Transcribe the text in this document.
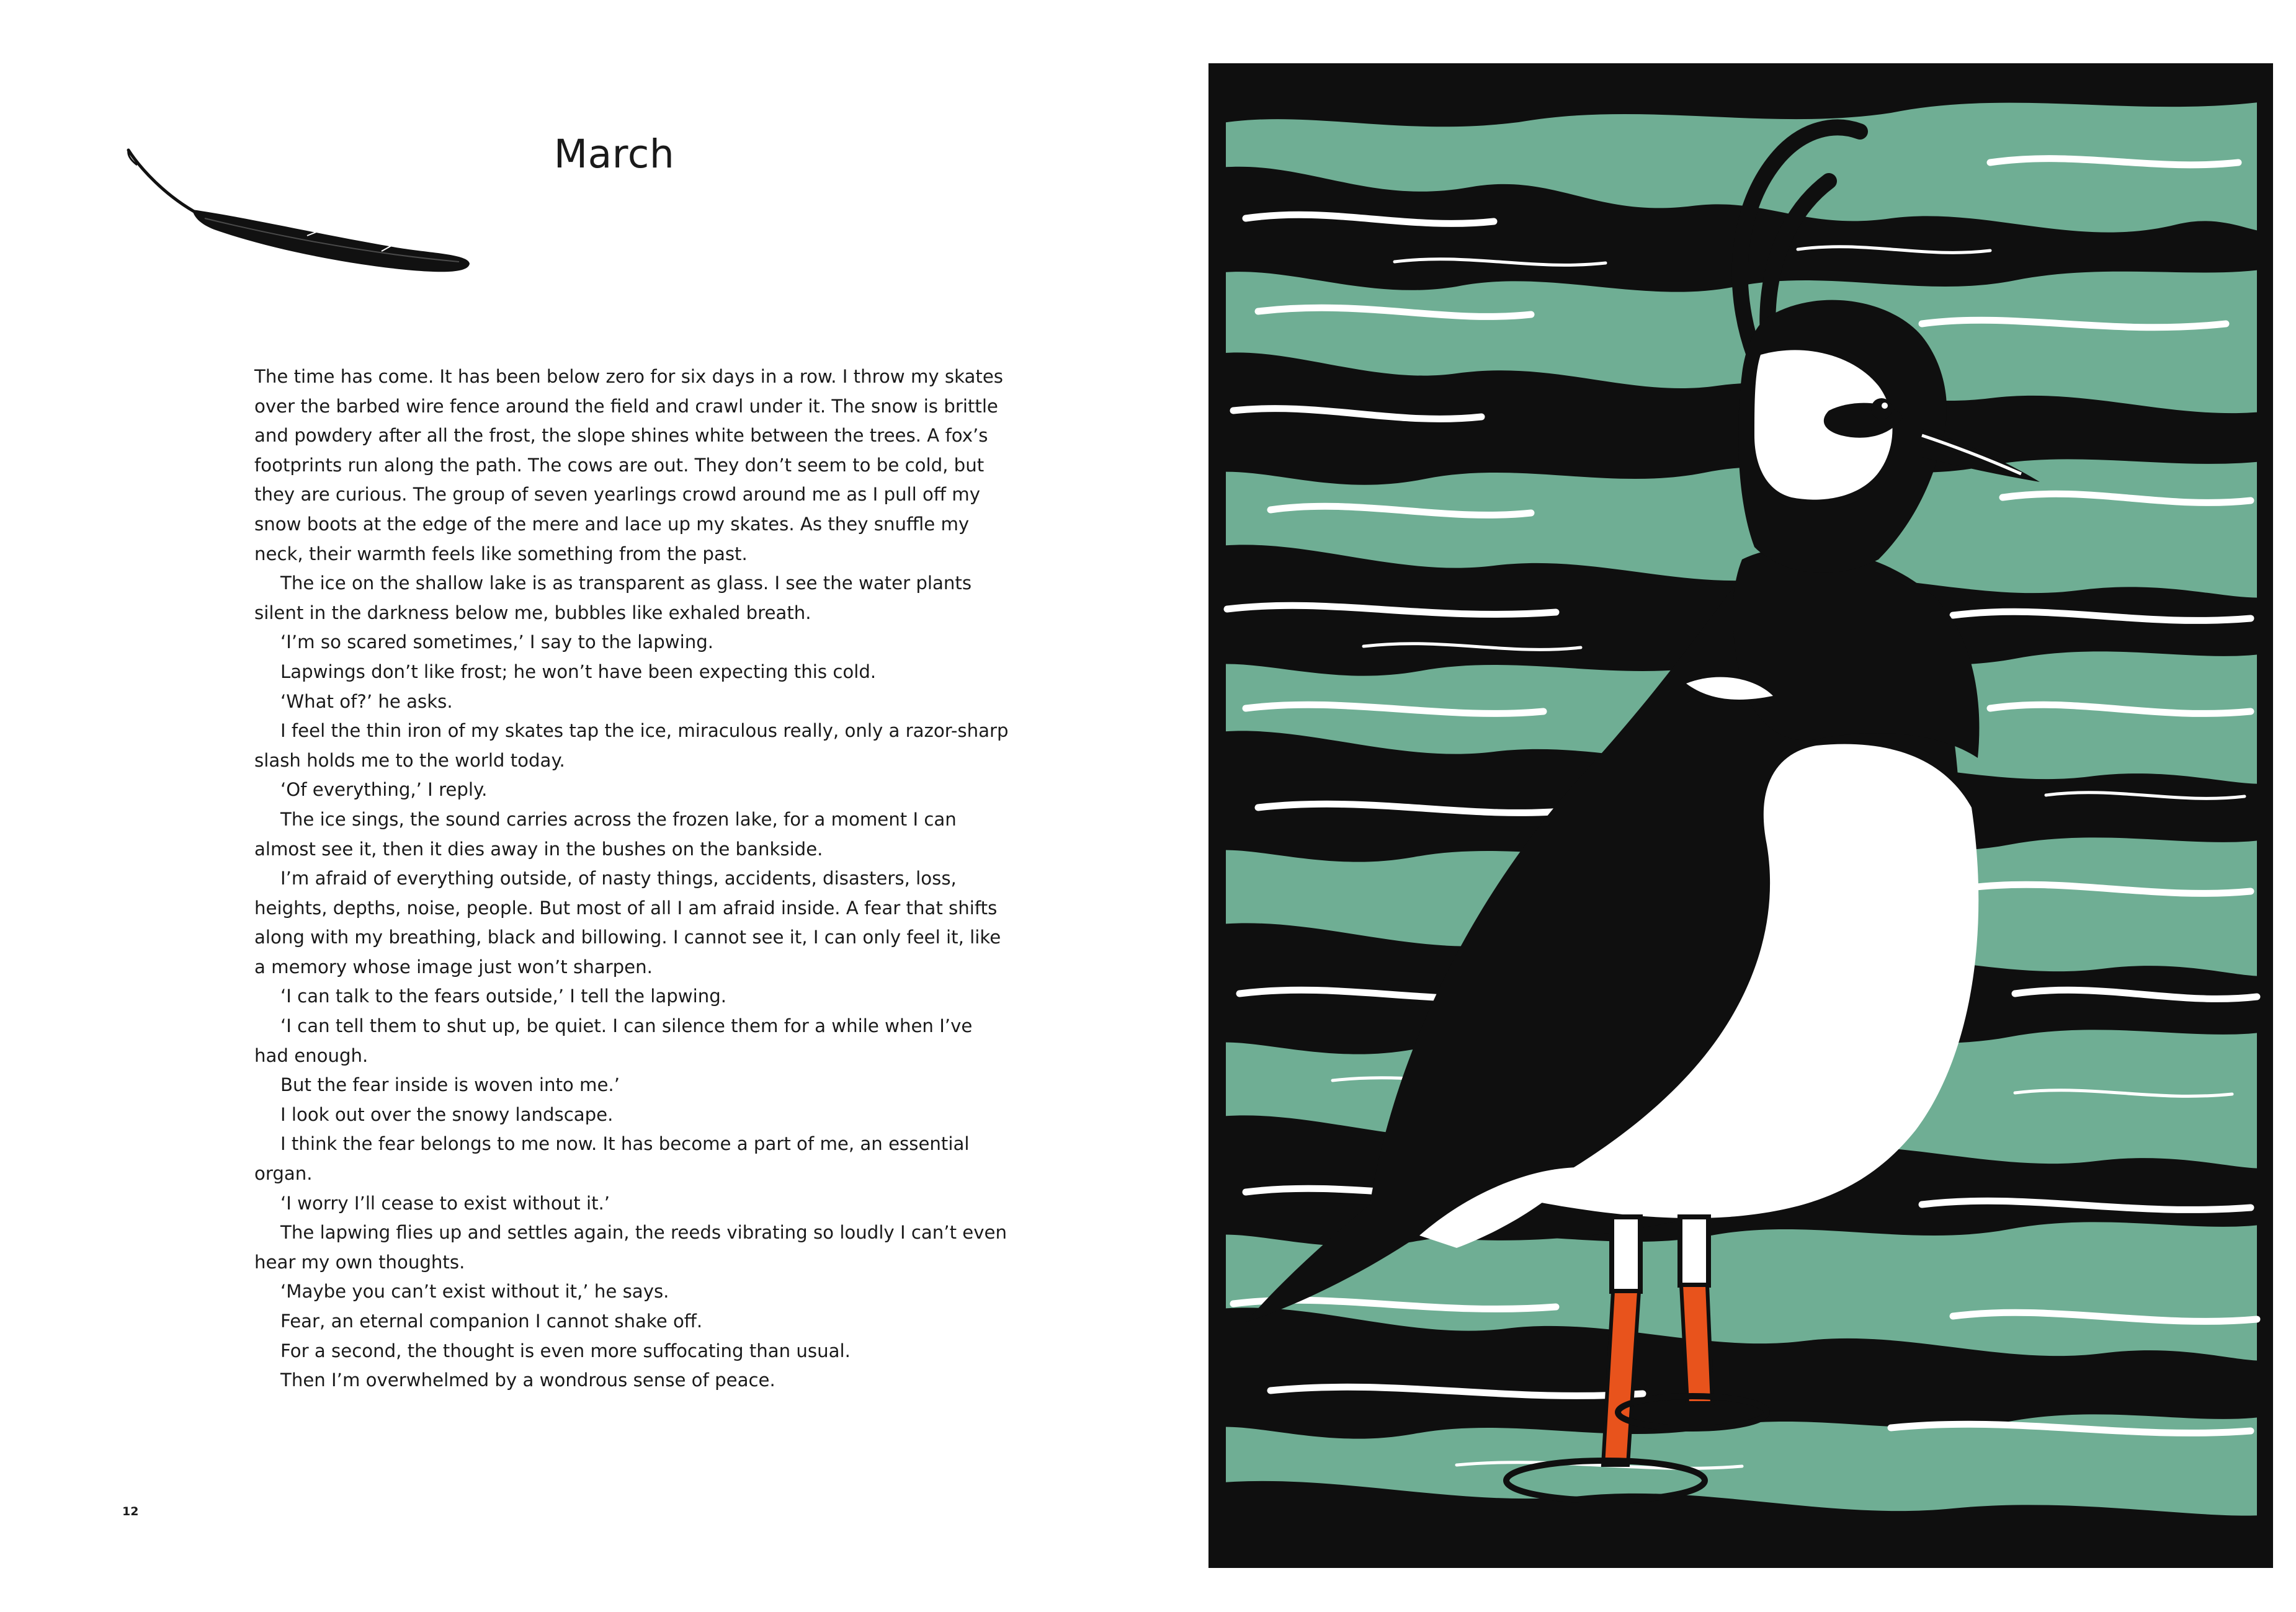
March
The time has come. It has been below zero for six days in a row. I throw my skates
over the barbed wire fence around the field and crawl under it. The snow is brittle
and powdery after all the frost, the slope shines white between the trees. A fox’s
footprints run along the path. The cows are out. They don’t seem to be cold, but
they are curious. The group of seven yearlings crowd around me as I pull off my
snow boots at the edge of the mere and lace up my skates. As they snuffle my
neck, their warmth feels like something from the past.
The ice on the shallow lake is as transparent as glass. I see the water plants
silent in the darkness below me, bubbles like exhaled breath.
‘I’m so scared sometimes,’ I say to the lapwing.
Lapwings don’t like frost; he won’t have been expecting this cold.
‘What of?’ he asks.
I feel the thin iron of my skates tap the ice, miraculous really, only a razor-sharp
slash holds me to the world today.
‘Of everything,’ I reply.
The ice sings, the sound carries across the frozen lake, for a moment I can
almost see it, then it dies away in the bushes on the bankside.
I’m afraid of everything outside, of nasty things, accidents, disasters, loss,
heights, depths, noise, people. But most of all I am afraid inside. A fear that shifts
along with my breathing, black and billowing. I cannot see it, I can only feel it, like
a memory whose image just won’t sharpen.
‘I can talk to the fears outside,’ I tell the lapwing.
‘I can tell them to shut up, be quiet. I can silence them for a while when I’ve
had enough.
But the fear inside is woven into me.’
I look out over the snowy landscape.
I think the fear belongs to me now. It has become a part of me, an essential
organ.
‘I worry I’ll cease to exist without it.’
The lapwing flies up and settles again, the reeds vibrating so loudly I can’t even
hear my own thoughts.
‘Maybe you can’t exist without it,’ he says.
Fear, an eternal companion I cannot shake off.
For a second, the thought is even more suffocating than usual.
Then I’m overwhelmed by a wondrous sense of peace.
12
